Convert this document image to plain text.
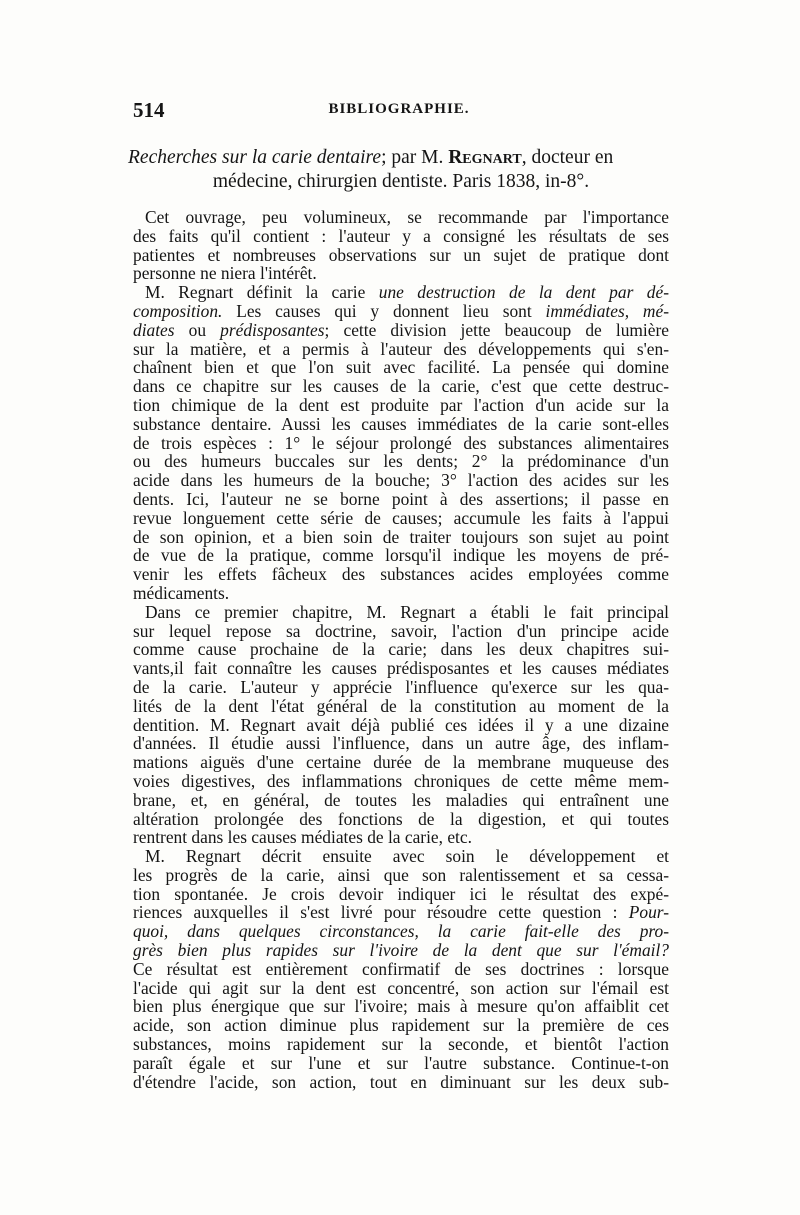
514	BIBLIOGRAPHIE.
Recherches sur la carie dentaire; par M. Regnart, docteur en
médecine, chirurgien dentiste. Paris 1838, in-8°.

Cet ouvrage, peu volumineux, se recommande par l'importance
des faits qu'il contient : l'auteur y a consigné les résultats de ses
patientes et nombreuses observations sur un sujet de pratique dont
personne ne niera l'intérêt.

M. Regnart définit la carie une destruction de la dent par dé-
composition. Les causes qui y donnent lieu sont immédiates, mé-
diates ou prédisposantes; cette division jette beaucoup de lumière
sur la matière, et a permis à l'auteur des développements qui s'en-
chaînent bien et que l'on suit avec facilité. La pensée qui domine
dans ce chapitre sur les causes de la carie, c'est que cette destruc-
tion chimique de la dent est produite par l'action d'un acide sur la
substance dentaire. Aussi les causes immédiates de la carie sont-elles
de trois espèces : 1° le séjour prolongé des substances alimentaires
ou des humeurs buccales sur les dents; 2° la prédominance d'un
acide dans les humeurs de la bouche; 3° l'action des acides sur les
dents. Ici, l'auteur ne se borne point à des assertions; il passe en
revue longuement cette série de causes; accumule les faits à l'appui
de son opinion, et a bien soin de traiter toujours son sujet au point
de vue de la pratique, comme lorsqu'il indique les moyens de pré-
venir les effets fâcheux des substances acides employées comme
médicaments.

Dans ce premier chapitre, M. Regnart a établi le fait principal
sur lequel repose sa doctrine, savoir, l'action d'un principe acide
comme cause prochaine de la carie; dans les deux chapitres sui-
vants,il fait connaître les causes prédisposantes et les causes médiates
de la carie. L'auteur y apprécie l'influence qu'exerce sur les qua-
lités de la dent l'état général de la constitution au moment de la
dentition. M. Regnart avait déjà publié ces idées il y a une dizaine
d'années. Il étudie aussi l'influence, dans un autre âge, des inflam-
mations aiguës d'une certaine durée de la membrane muqueuse des
voies digestives, des inflammations chroniques de cette même mem-
brane, et, en général, de toutes les maladies qui entraînent une
altération prolongée des fonctions de la digestion, et qui toutes
rentrent dans les causes médiates de la carie, etc.

M. Regnart décrit ensuite avec soin le développement et
les progrès de la carie, ainsi que son ralentissement et sa cessa-
tion spontanée. Je crois devoir indiquer ici le résultat des expé-
riences auxquelles il s'est livré pour résoudre cette question : Pour-
quoi, dans quelques circonstances, la carie fait-elle des pro-
grès bien plus rapides sur l'ivoire de la dent que sur l'émail?
Ce résultat est entièrement confirmatif de ses doctrines : lorsque
l'acide qui agit sur la dent est concentré, son action sur l'émail est
bien plus énergique que sur l'ivoire; mais à mesure qu'on affaiblit cet
acide, son action diminue plus rapidement sur la première de ces
substances, moins rapidement sur la seconde, et bientôt l'action
paraît égale et sur l'une et sur l'autre substance. Continue-t-on
d'étendre l'acide, son action, tout en diminuant sur les deux sub-
